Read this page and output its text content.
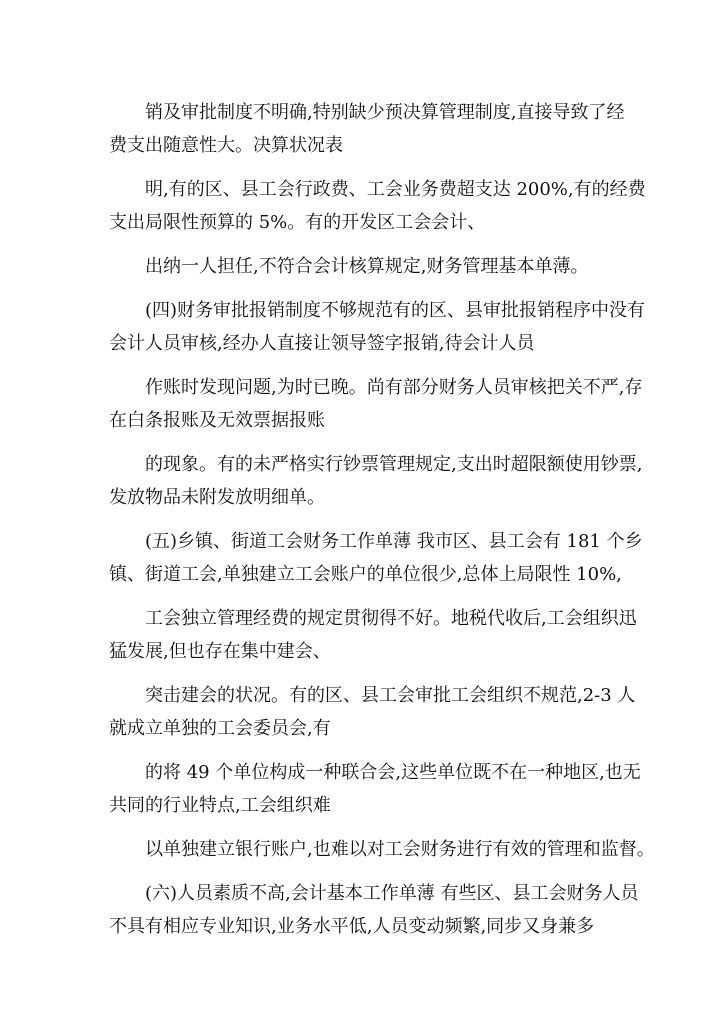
销及审批制度不明确,特别缺少预决算管理制度,直接导致了经
费支出随意性大。决算状况表

明,有的区、县工会行政费、工会业务费超支达 200%,有的经费
支出局限性预算的 5%。有的开发区工会会计、

出纳一人担任,不符合会计核算规定,财务管理基本单薄。

(四)财务审批报销制度不够规范有的区、县审批报销程序中没有
会计人员审核,经办人直接让领导签字报销,待会计人员

作账时发现问题,为时已晚。尚有部分财务人员审核把关不严,存
在白条报账及无效票据报账

的现象。有的未严格实行钞票管理规定,支出时超限额使用钞票,
发放物品未附发放明细单。

(五)乡镇、街道工会财务工作单薄 我市区、县工会有 181 个乡
镇、街道工会,单独建立工会账户的单位很少,总体上局限性 10%,

工会独立管理经费的规定贯彻得不好。地税代收后,工会组织迅
猛发展,但也存在集中建会、

突击建会的状况。有的区、县工会审批工会组织不规范,2-3 人
就成立单独的工会委员会,有

的将 49 个单位构成一种联合会,这些单位既不在一种地区,也无
共同的行业特点,工会组织难

以单独建立银行账户,也难以对工会财务进行有效的管理和监督。

(六)人员素质不高,会计基本工作单薄 有些区、县工会财务人员
不具有相应专业知识,业务水平低,人员变动频繁,同步又身兼多
